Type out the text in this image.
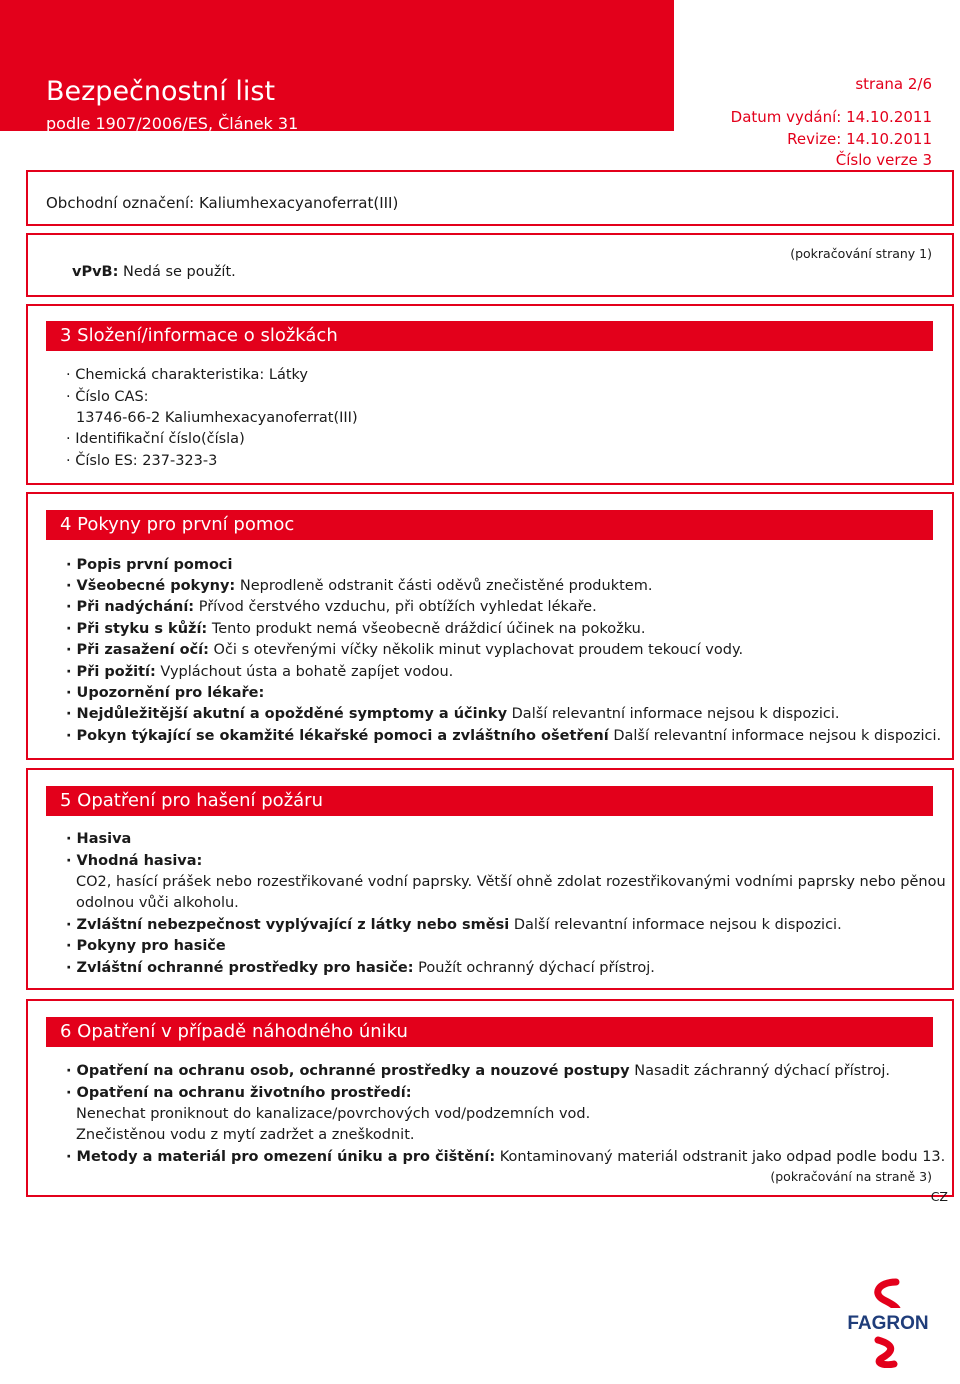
Bezpečnostní list
podle 1907/2006/ES, Článek 31
strana 2/6
Datum vydání: 14.10.2011
Revize: 14.10.2011
Číslo verze 3
Obchodní označení: Kaliumhexacyanoferrat(III)
vPvB: Nedá se použít.
(pokračování strany 1)
3 Složení/informace o složkách
· Chemická charakteristika: Látky
· Číslo CAS:
13746-66-2 Kaliumhexacyanoferrat(III)
· Identifikační číslo(čísla)
· Číslo ES: 237-323-3
4 Pokyny pro první pomoc
· Popis první pomoci
· Všeobecné pokyny: Neprodleně odstranit části oděvů znečistěné produktem.
· Při nadýchání: Přívod čerstvého vzduchu, při obtížích vyhledat lékaře.
· Při styku s kůží: Tento produkt nemá všeobecně dráždicí účinek na pokožku.
· Při zasažení očí: Oči s otevřenými víčky několik minut vyplachovat proudem tekoucí vody.
· Při požití: Vypláchout ústa a bohatě zapíjet vodou.
· Upozornění pro lékaře:
· Nejdůležitější akutní a opožděné symptomy a účinky Další relevantní informace nejsou k dispozici.
· Pokyn týkající se okamžité lékařské pomoci a zvláštního ošetření Další relevantní informace nejsou k dispozici.
5 Opatření pro hašení požáru
· Hasiva
· Vhodná hasiva:
CO2, hasící prášek nebo rozestřikované vodní paprsky. Větší ohně zdolat rozestřikovanými vodními paprsky nebo pěnou
odolnou vůči alkoholu.
· Zvláštní nebezpečnost vyplývající z látky nebo směsi Další relevantní informace nejsou k dispozici.
· Pokyny pro hasiče
· Zvláštní ochranné prostředky pro hasiče: Použít ochranný dýchací přístroj.
6 Opatření v případě náhodného úniku
· Opatření na ochranu osob, ochranné prostředky a nouzové postupy Nasadit záchranný dýchací přístroj.
· Opatření na ochranu životního prostředí:
Nenechat proniknout do kanalizace/povrchových vod/podzemních vod.
Znečistěnou vodu z mytí zadržet a zneškodnit.
· Metody a materiál pro omezení úniku a pro čištění: Kontaminovaný materiál odstranit jako odpad podle bodu 13.
(pokračování na straně 3)
CZ
FAGRON
